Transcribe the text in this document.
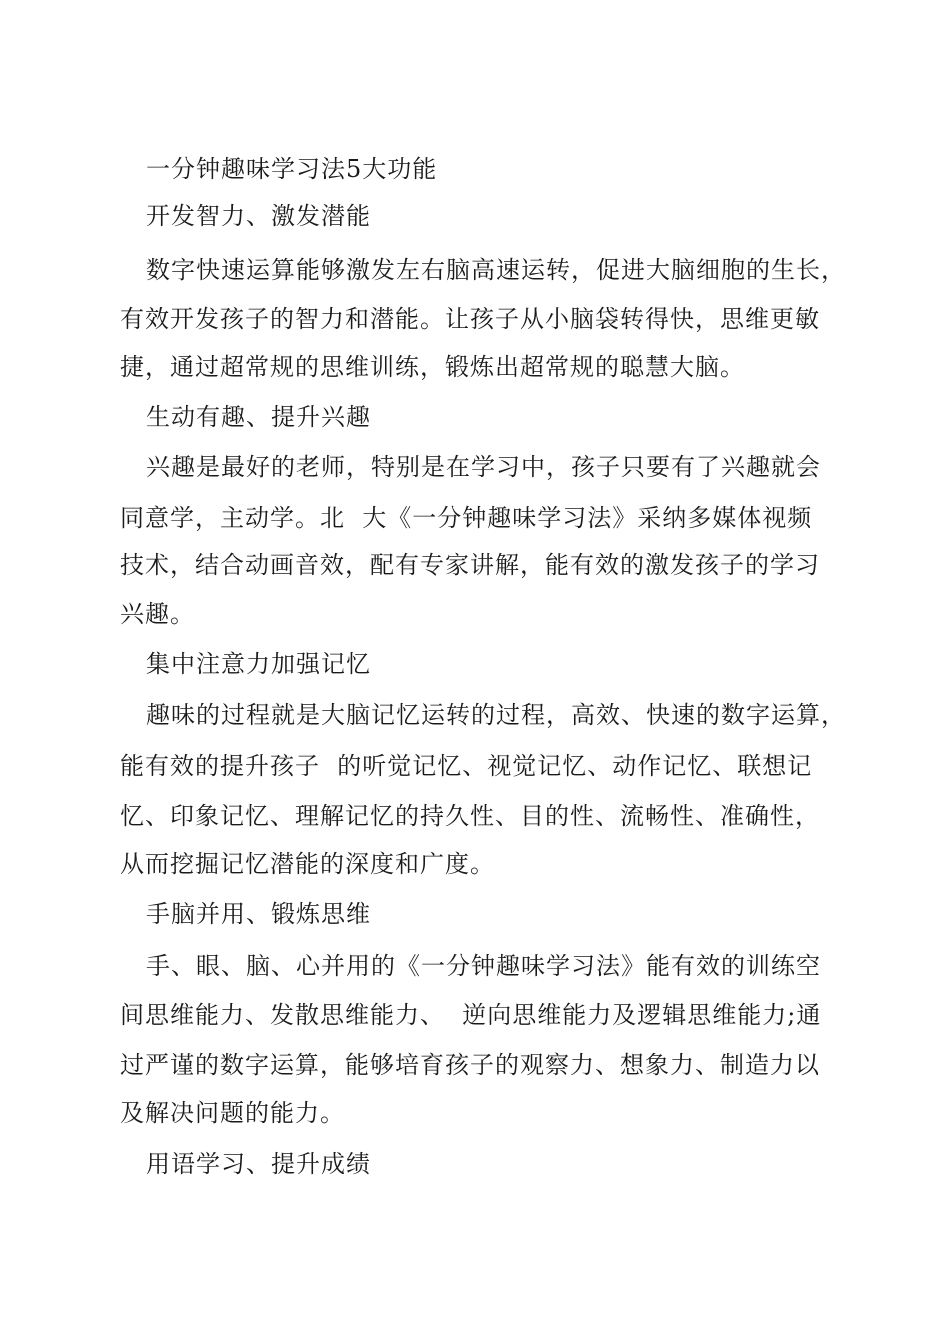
一分钟趣味学习法5大功能
开发智力、激发潜能
数字快速运算能够激发左右脑高速运转，促进大脑细胞的生长，
有效开发孩子的智力和潜能。让孩子从小脑袋转得快，思维更敏
捷，通过超常规的思维训练，锻炼出超常规的聪慧大脑。
生动有趣、提升兴趣
兴趣是最好的老师，特别是在学习中，孩子只要有了兴趣就会
同意学，主动学。北  大《一分钟趣味学习法》采纳多媒体视频
技术，结合动画音效，配有专家讲解，能有效的激发孩子的学习
兴趣。
集中注意力加强记忆
趣味的过程就是大脑记忆运转的过程，高效、快速的数字运算，
能有效的提升孩子  的听觉记忆、视觉记忆、动作记忆、联想记
忆、印象记忆、理解记忆的持久性、目的性、流畅性、准确性，
从而挖掘记忆潜能的深度和广度。
手脑并用、锻炼思维
手、眼、脑、心并用的《一分钟趣味学习法》能有效的训练空
间思维能力、发散思维能力、  逆向思维能力及逻辑思维能力;通
过严谨的数字运算，能够培育孩子的观察力、想象力、制造力以
及解决问题的能力。
用语学习、提升成绩
